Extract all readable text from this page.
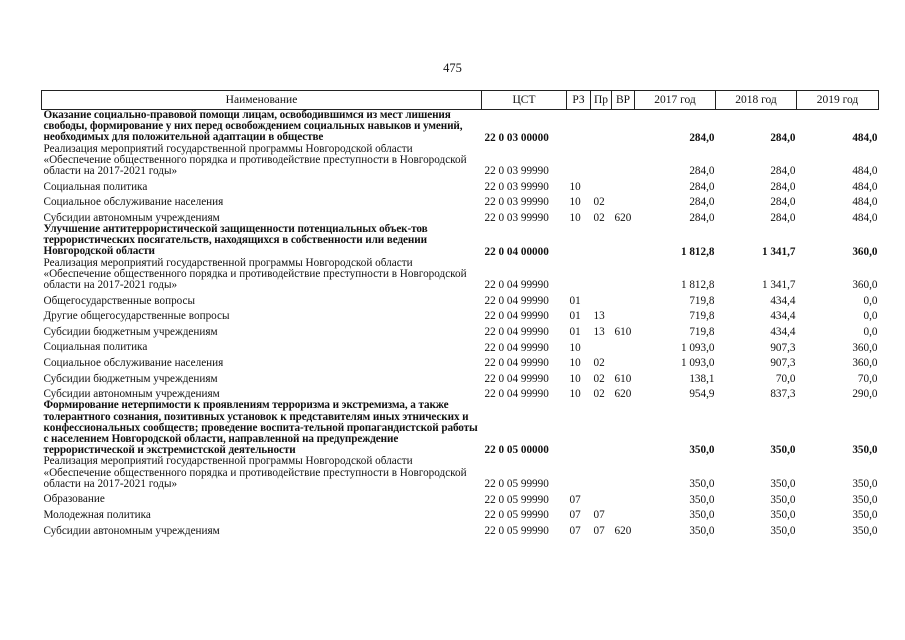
475
Наименование	ЦСТ	РЗ	Пр	ВР	2017 год	2018 год	2019 год
Оказание социально-правовой помощи лицам, освободившимся из мест лишения свободы, формирование у них перед освобождением социальных навыков и умений, необходимых для положительной адаптации в обществе	22 0 03 00000				284,0	284,0	484,0
Реализация мероприятий государственной программы Новгородской области «Обеспечение общественного порядка и противодействие преступности в Новгородской области на 2017-2021 годы»	22 0 03 99990				284,0	284,0	484,0
Социальная политика	22 0 03 99990	10			284,0	284,0	484,0
Социальное обслуживание населения	22 0 03 99990	10	02		284,0	284,0	484,0
Субсидии автономным учреждениям	22 0 03 99990	10	02	620	284,0	284,0	484,0
Улучшение антитеррористической защищенности потенциальных объек-тов террористических посягательств, находящихся в собственности или ведении Новгородской области	22 0 04 00000				1 812,8	1 341,7	360,0
Реализация мероприятий государственной программы Новгородской области «Обеспечение общественного порядка и противодействие преступности в Новгородской области на 2017-2021 годы»	22 0 04 99990				1 812,8	1 341,7	360,0
Общегосударственные вопросы	22 0 04 99990	01			719,8	434,4	0,0
Другие общегосударственные вопросы	22 0 04 99990	01	13		719,8	434,4	0,0
Субсидии бюджетным учреждениям	22 0 04 99990	01	13	610	719,8	434,4	0,0
Социальная политика	22 0 04 99990	10			1 093,0	907,3	360,0
Социальное обслуживание населения	22 0 04 99990	10	02		1 093,0	907,3	360,0
Субсидии бюджетным учреждениям	22 0 04 99990	10	02	610	138,1	70,0	70,0
Субсидии автономным учреждениям	22 0 04 99990	10	02	620	954,9	837,3	290,0
Формирование нетерпимости к проявлениям терроризма и экстремизма, а также толерантного сознания, позитивных установок к представителям иных этнических и конфессиональных сообществ; проведение воспита-тельной пропагандистской работы с населением Новгородской области, направленной на предупреждение террористической и экстремистской деятельности	22 0 05 00000				350,0	350,0	350,0
Реализация мероприятий государственной программы Новгородской области «Обеспечение общественного порядка и противодействие преступности в Новгородской области на 2017-2021 годы»	22 0 05 99990				350,0	350,0	350,0
Образование	22 0 05 99990	07			350,0	350,0	350,0
Молодежная политика	22 0 05 99990	07	07		350,0	350,0	350,0
Субсидии автономным учреждениям	22 0 05 99990	07	07	620	350,0	350,0	350,0
